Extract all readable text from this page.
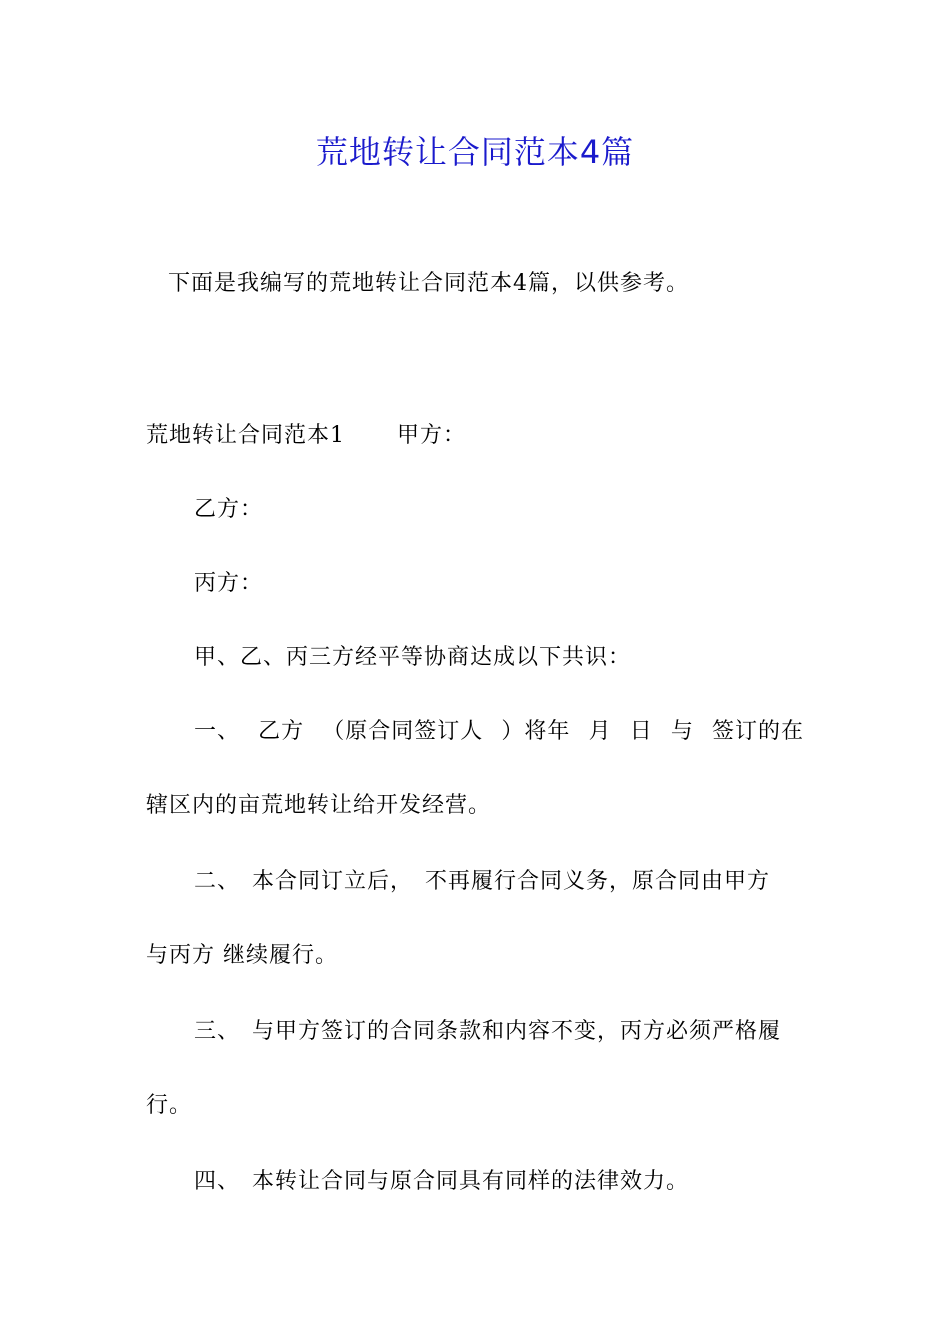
荒地转让合同范本4篇

下面是我编写的荒地转让合同范本4篇，以供参考。

荒地转让合同范本1 甲方：

乙方：

丙方：

甲、乙、丙三方经平等协商达成以下共识：

一、 乙方 （原合同签订人 ）将年 月 日 与 签订的在

辖区内的亩荒地转让给开发经营。

二、　 本合同订立后，　不再履行合同义务，原合同由甲方

与丙方 继续履行。

三、　 与甲方签订的合同条款和内容不变，丙方必须严格履

行。

四、　 本转让合同与原合同具有同样的法律效力。
